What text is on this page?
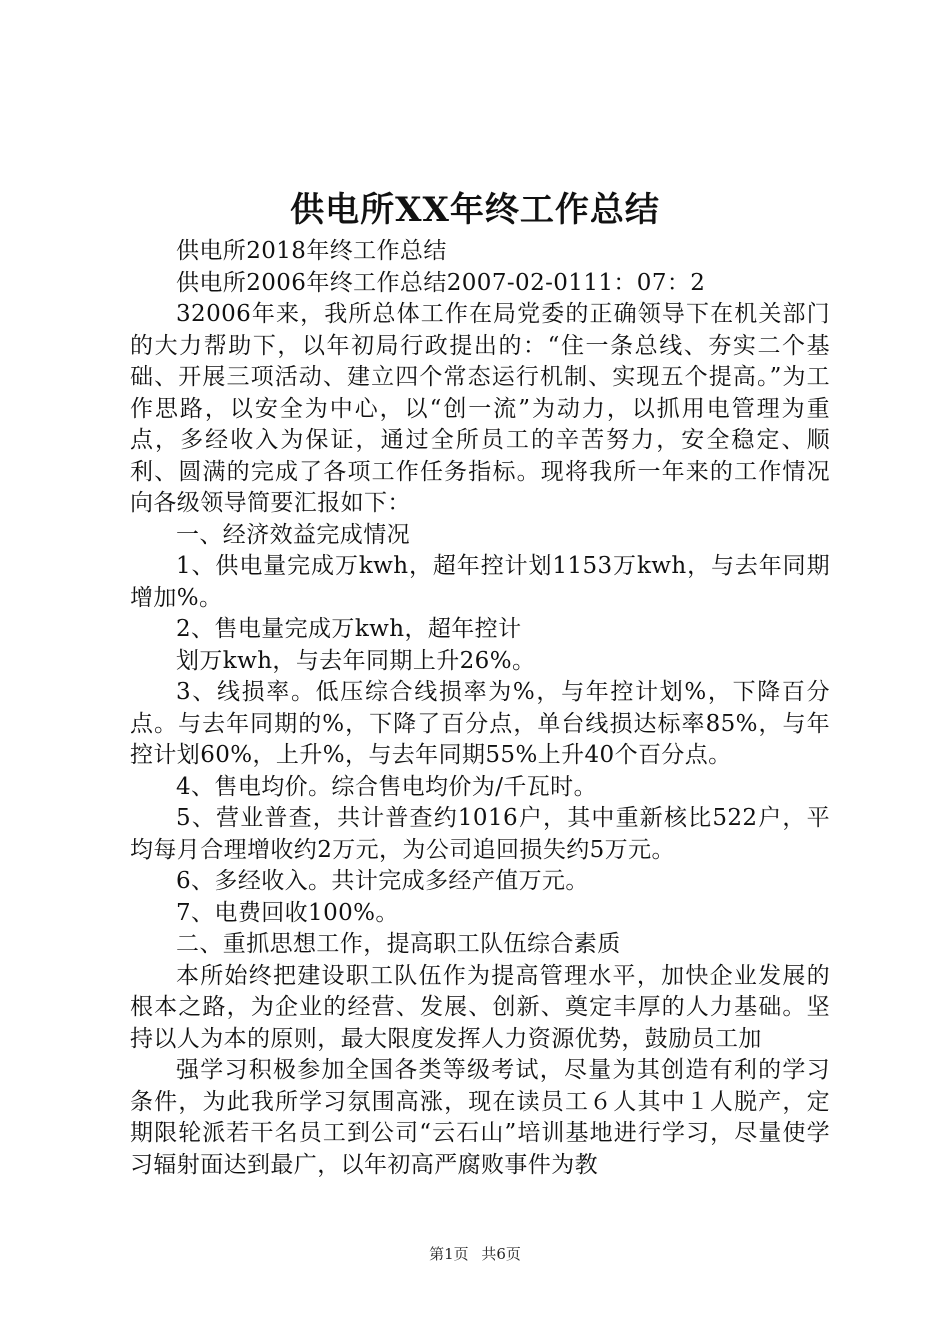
供电所XX年终工作总结

供电所2018年终工作总结

供电所2006年终工作总结2007-02-0111：07：2

32006年来，我所总体工作在局党委的正确领导下在机关部门的大力帮助下，以年初局行政提出的：“住一条总线、夯实二个基础、开展三项活动、建立四个常态运行机制、实现五个提高。”为工作思路，以安全为中心，以“创一流”为动力，以抓用电管理为重点，多经收入为保证，通过全所员工的辛苦努力，安全稳定、顺利、圆满的完成了各项工作任务指标。现将我所一年来的工作情况向各级领导简要汇报如下：

一、经济效益完成情况

1、供电量完成万kwh，超年控计划1153万kwh，与去年同期增加%。

2、售电量完成万kwh，超年控计

划万kwh，与去年同期上升26%。

3、线损率。低压综合线损率为%，与年控计划%，下降百分点。与去年同期的%，下降了百分点，单台线损达标率85%，与年控计划60%，上升%，与去年同期55%上升40个百分点。

4、售电均价。综合售电均价为/千瓦时。

5、营业普查，共计普查约1016户，其中重新核比522户，平均每月合理增收约2万元，为公司追回损失约5万元。

6、多经收入。共计完成多经产值万元。

7、电费回收100%。

二、重抓思想工作，提高职工队伍综合素质

本所始终把建设职工队伍作为提高管理水平，加快企业发展的根本之路，为企业的经营、发展、创新、奠定丰厚的人力基础。坚持以人为本的原则，最大限度发挥人力资源优势，鼓励员工加

强学习积极参加全国各类等级考试，尽量为其创造有利的学习条件，为此我所学习氛围高涨，现在读员工６人其中１人脱产，定期限轮派若干名员工到公司“云石山”培训基地进行学习，尽量使学习辐射面达到最广，以年初高严腐败事件为教

第1页 共6页
